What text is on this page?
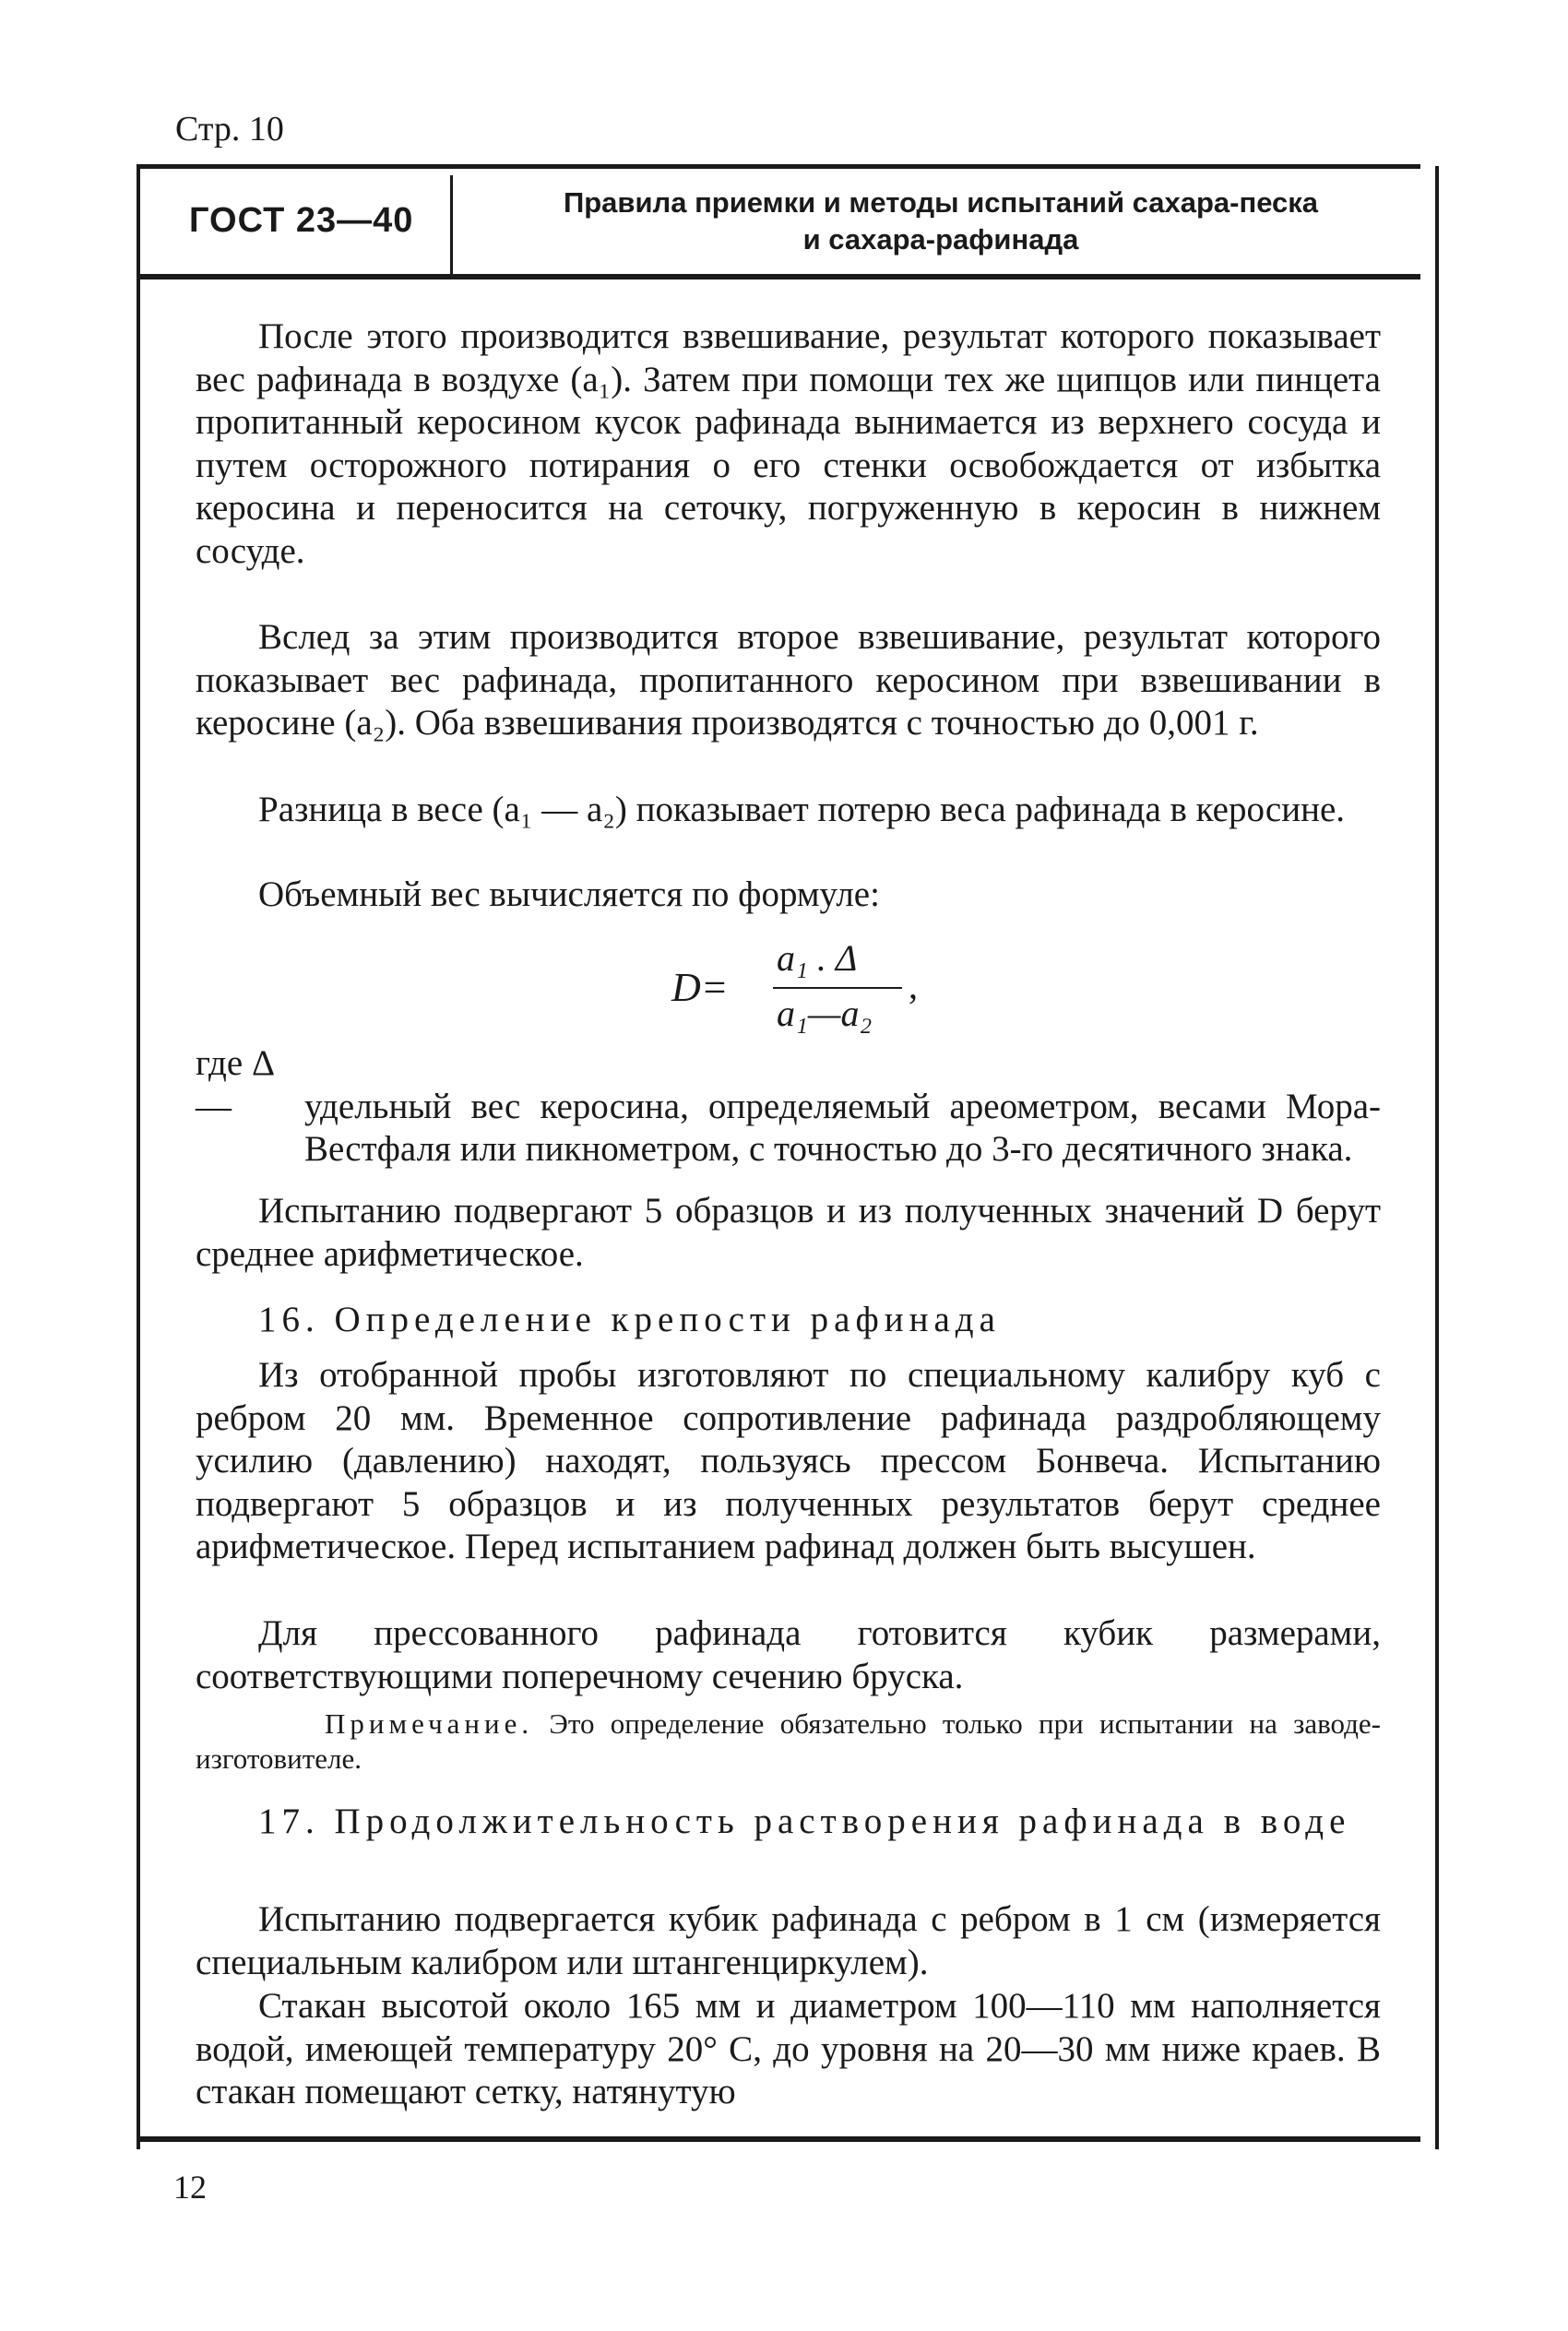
Стр. 10
ГОСТ 23—40	Правила приемки и методы испытаний сахара-песка
и сахара-рафинада

После этого производится взвешивание, результат которого показывает вес рафинада в воздухе (a₁). Затем при помощи тех же щипцов или пинцета пропитанный керосином кусок рафинада вынимается из верхнего сосуда и путем осторожного потирания о его стенки освобождается от избытка керосина и переносится на сеточку, погруженную в керосин в нижнем сосуде.

Вслед за этим производится второе взвешивание, результат которого показывает вес рафинада, пропитанного керосином при взвешивании в керосине (a₂). Оба взвешивания производятся с точностью до 0,001 г.

Разница в весе (a₁ — a₂) показывает потерю веса рафинада в керосине.

Объемный вес вычисляется по формуле:

D=
a₁ . Δ
a₁—a₂
,
где Δ — удельный вес керосина, определяемый ареометром, весами Мора-Вестфаля или пикнометром, с точностью до 3-го десятичного знака.

Испытанию подвергают 5 образцов и из полученных значений D берут среднее арифметическое.

16. Определение крепости рафинада

Из отобранной пробы изготовляют по специальному калибру куб с ребром 20 мм. Временное сопротивление рафинада раздробляющему усилию (давлению) находят, пользуясь прессом Бонвеча. Испытанию подвергают 5 образцов и из полученных результатов берут среднее арифметическое. Перед испытанием рафинад должен быть высушен.

Для прессованного рафинада готовится кубик размерами, соответствующими поперечному сечению бруска.

Примечание. Это определение обязательно только при испытании на заводе-изготовителе.
17. Продолжительность растворения рафинада в воде

Испытанию подвергается кубик рафинада с ребром в 1 см (измеряется специальным калибром или штангенциркулем).

Стакан высотой около 165 мм и диаметром 100—110 мм наполняется водой, имеющей температуру 20° С, до уровня на 20—30 мм ниже краев. В стакан помещают сетку, натянутую

12
